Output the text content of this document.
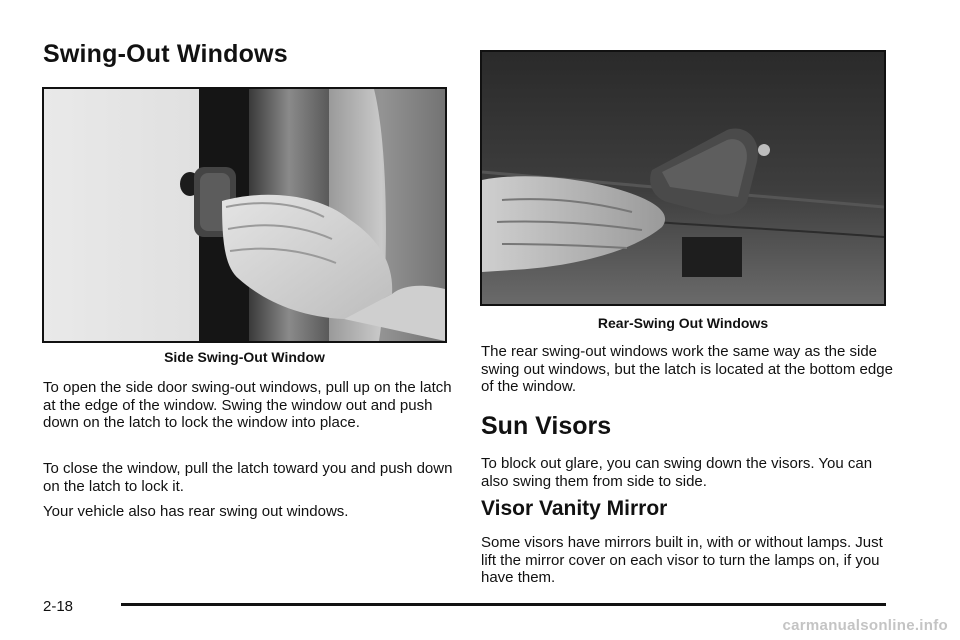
Swing-Out Windows
Side Swing-Out Window

To open the side door swing-out windows, pull up on the latch at the edge of the window. Swing the window out and push down on the latch to lock the window into place.

To close the window, pull the latch toward you and push down on the latch to lock it.

Your vehicle also has rear swing out windows.

Rear-Swing Out Windows

The rear swing-out windows work the same way as the side swing out windows, but the latch is located at the bottom edge of the window.

Sun Visors

To block out glare, you can swing down the visors. You can also swing them from side to side.

Visor Vanity Mirror

Some visors have mirrors built in, with or without lamps. Just lift the mirror cover on each visor to turn the lamps on, if you have them.

2-18
carmanualsonline.info
